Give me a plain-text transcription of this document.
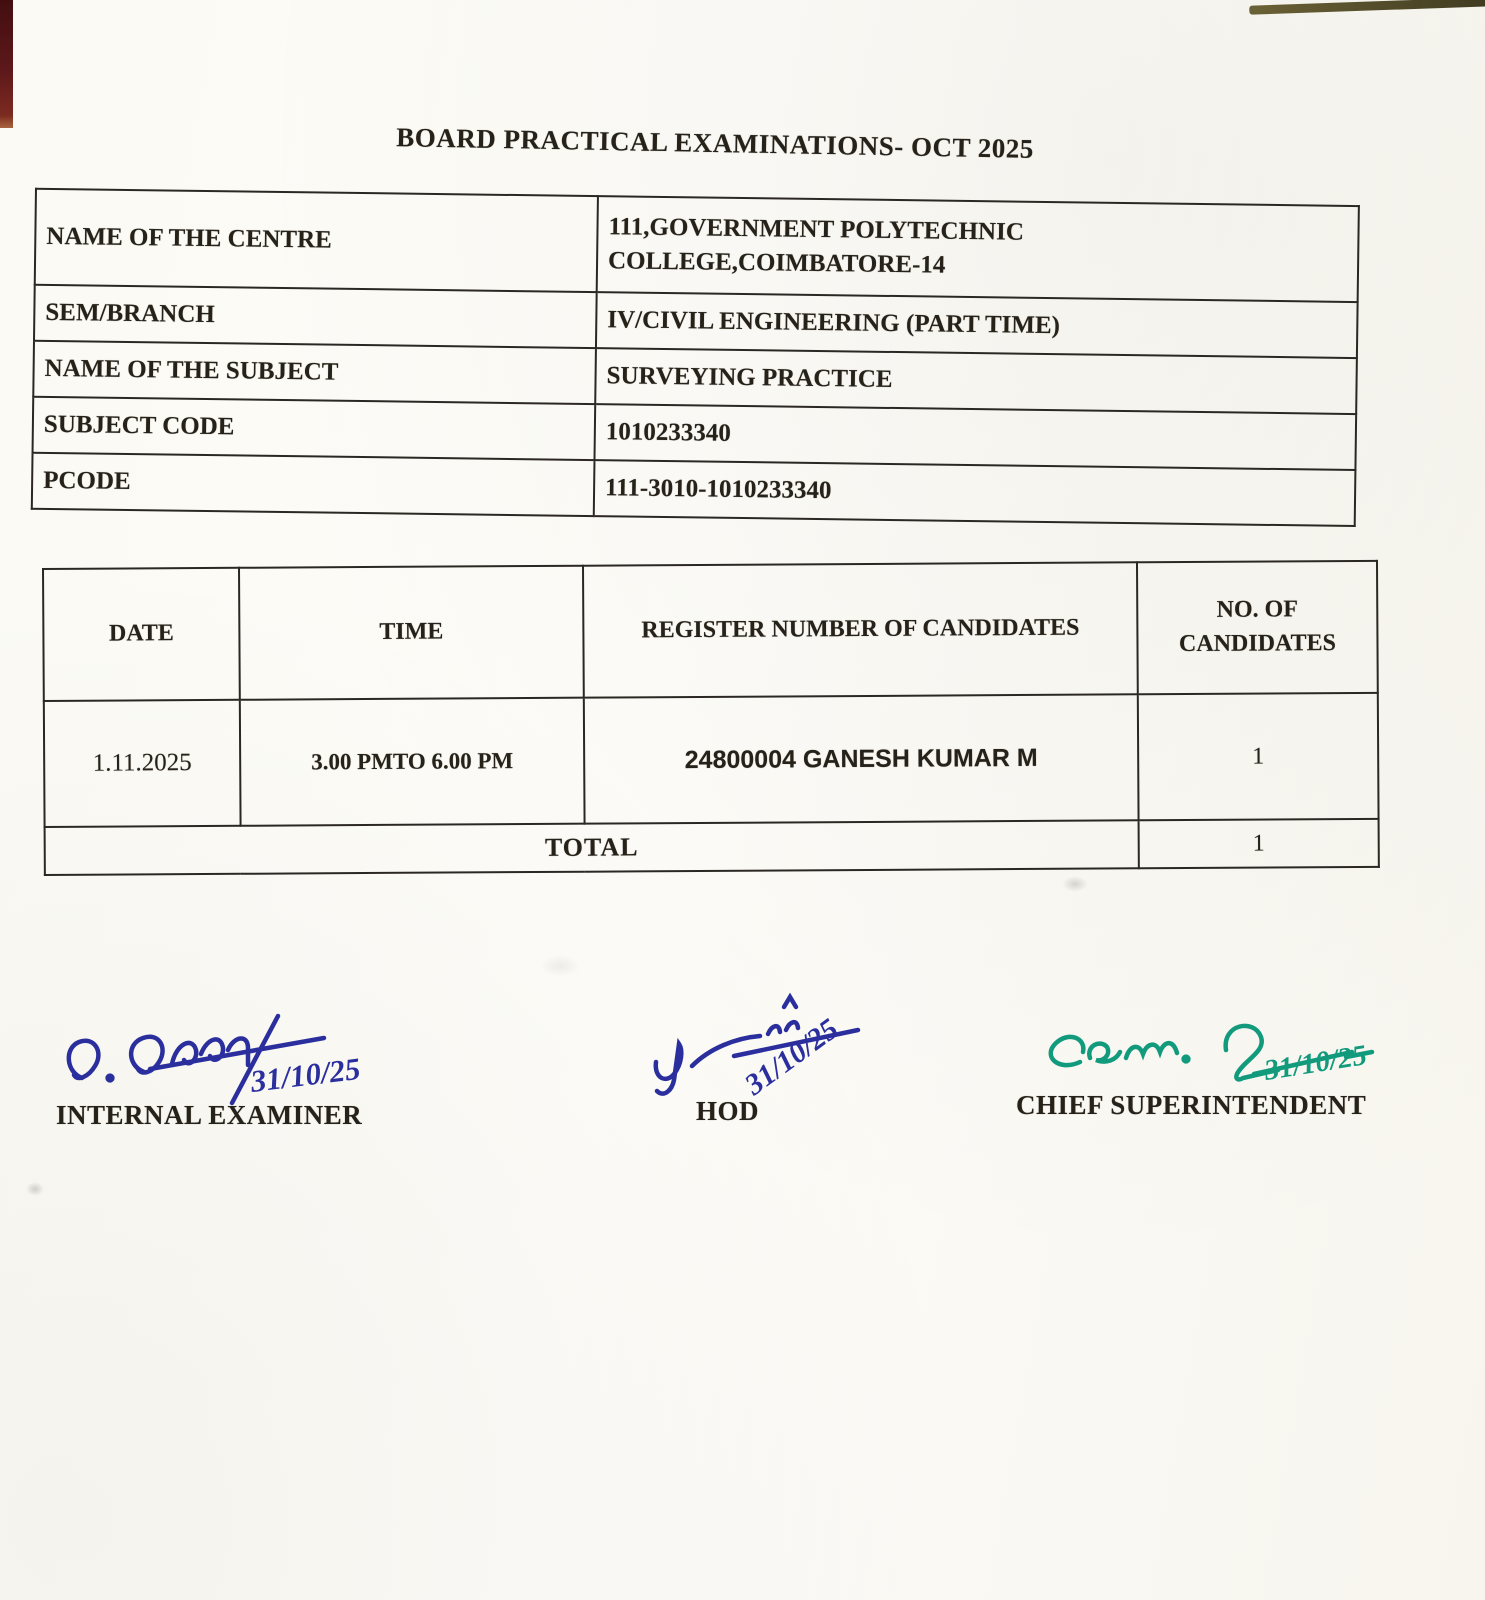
BOARD PRACTICAL EXAMINATIONS- OCT 2025
NAME OF THE CENTRE	111,GOVERNMENT POLYTECHNIC
COLLEGE,COIMBATORE-14
SEM/BRANCH	IV/CIVIL ENGINEERING (PART TIME)
NAME OF THE SUBJECT	SURVEYING PRACTICE
SUBJECT CODE	1010233340
PCODE	111-3010-1010233340
DATE	TIME	REGISTER NUMBER OF CANDIDATES	NO. OF CANDIDATES
1.11.2025	3.00 PMTO 6.00 PM	24800004 GANESH KUMAR M	1
TOTAL			1
31/10/25
INTERNAL EXAMINER
31/10/25
HOD
31/10/25
CHIEF SUPERINTENDENT
